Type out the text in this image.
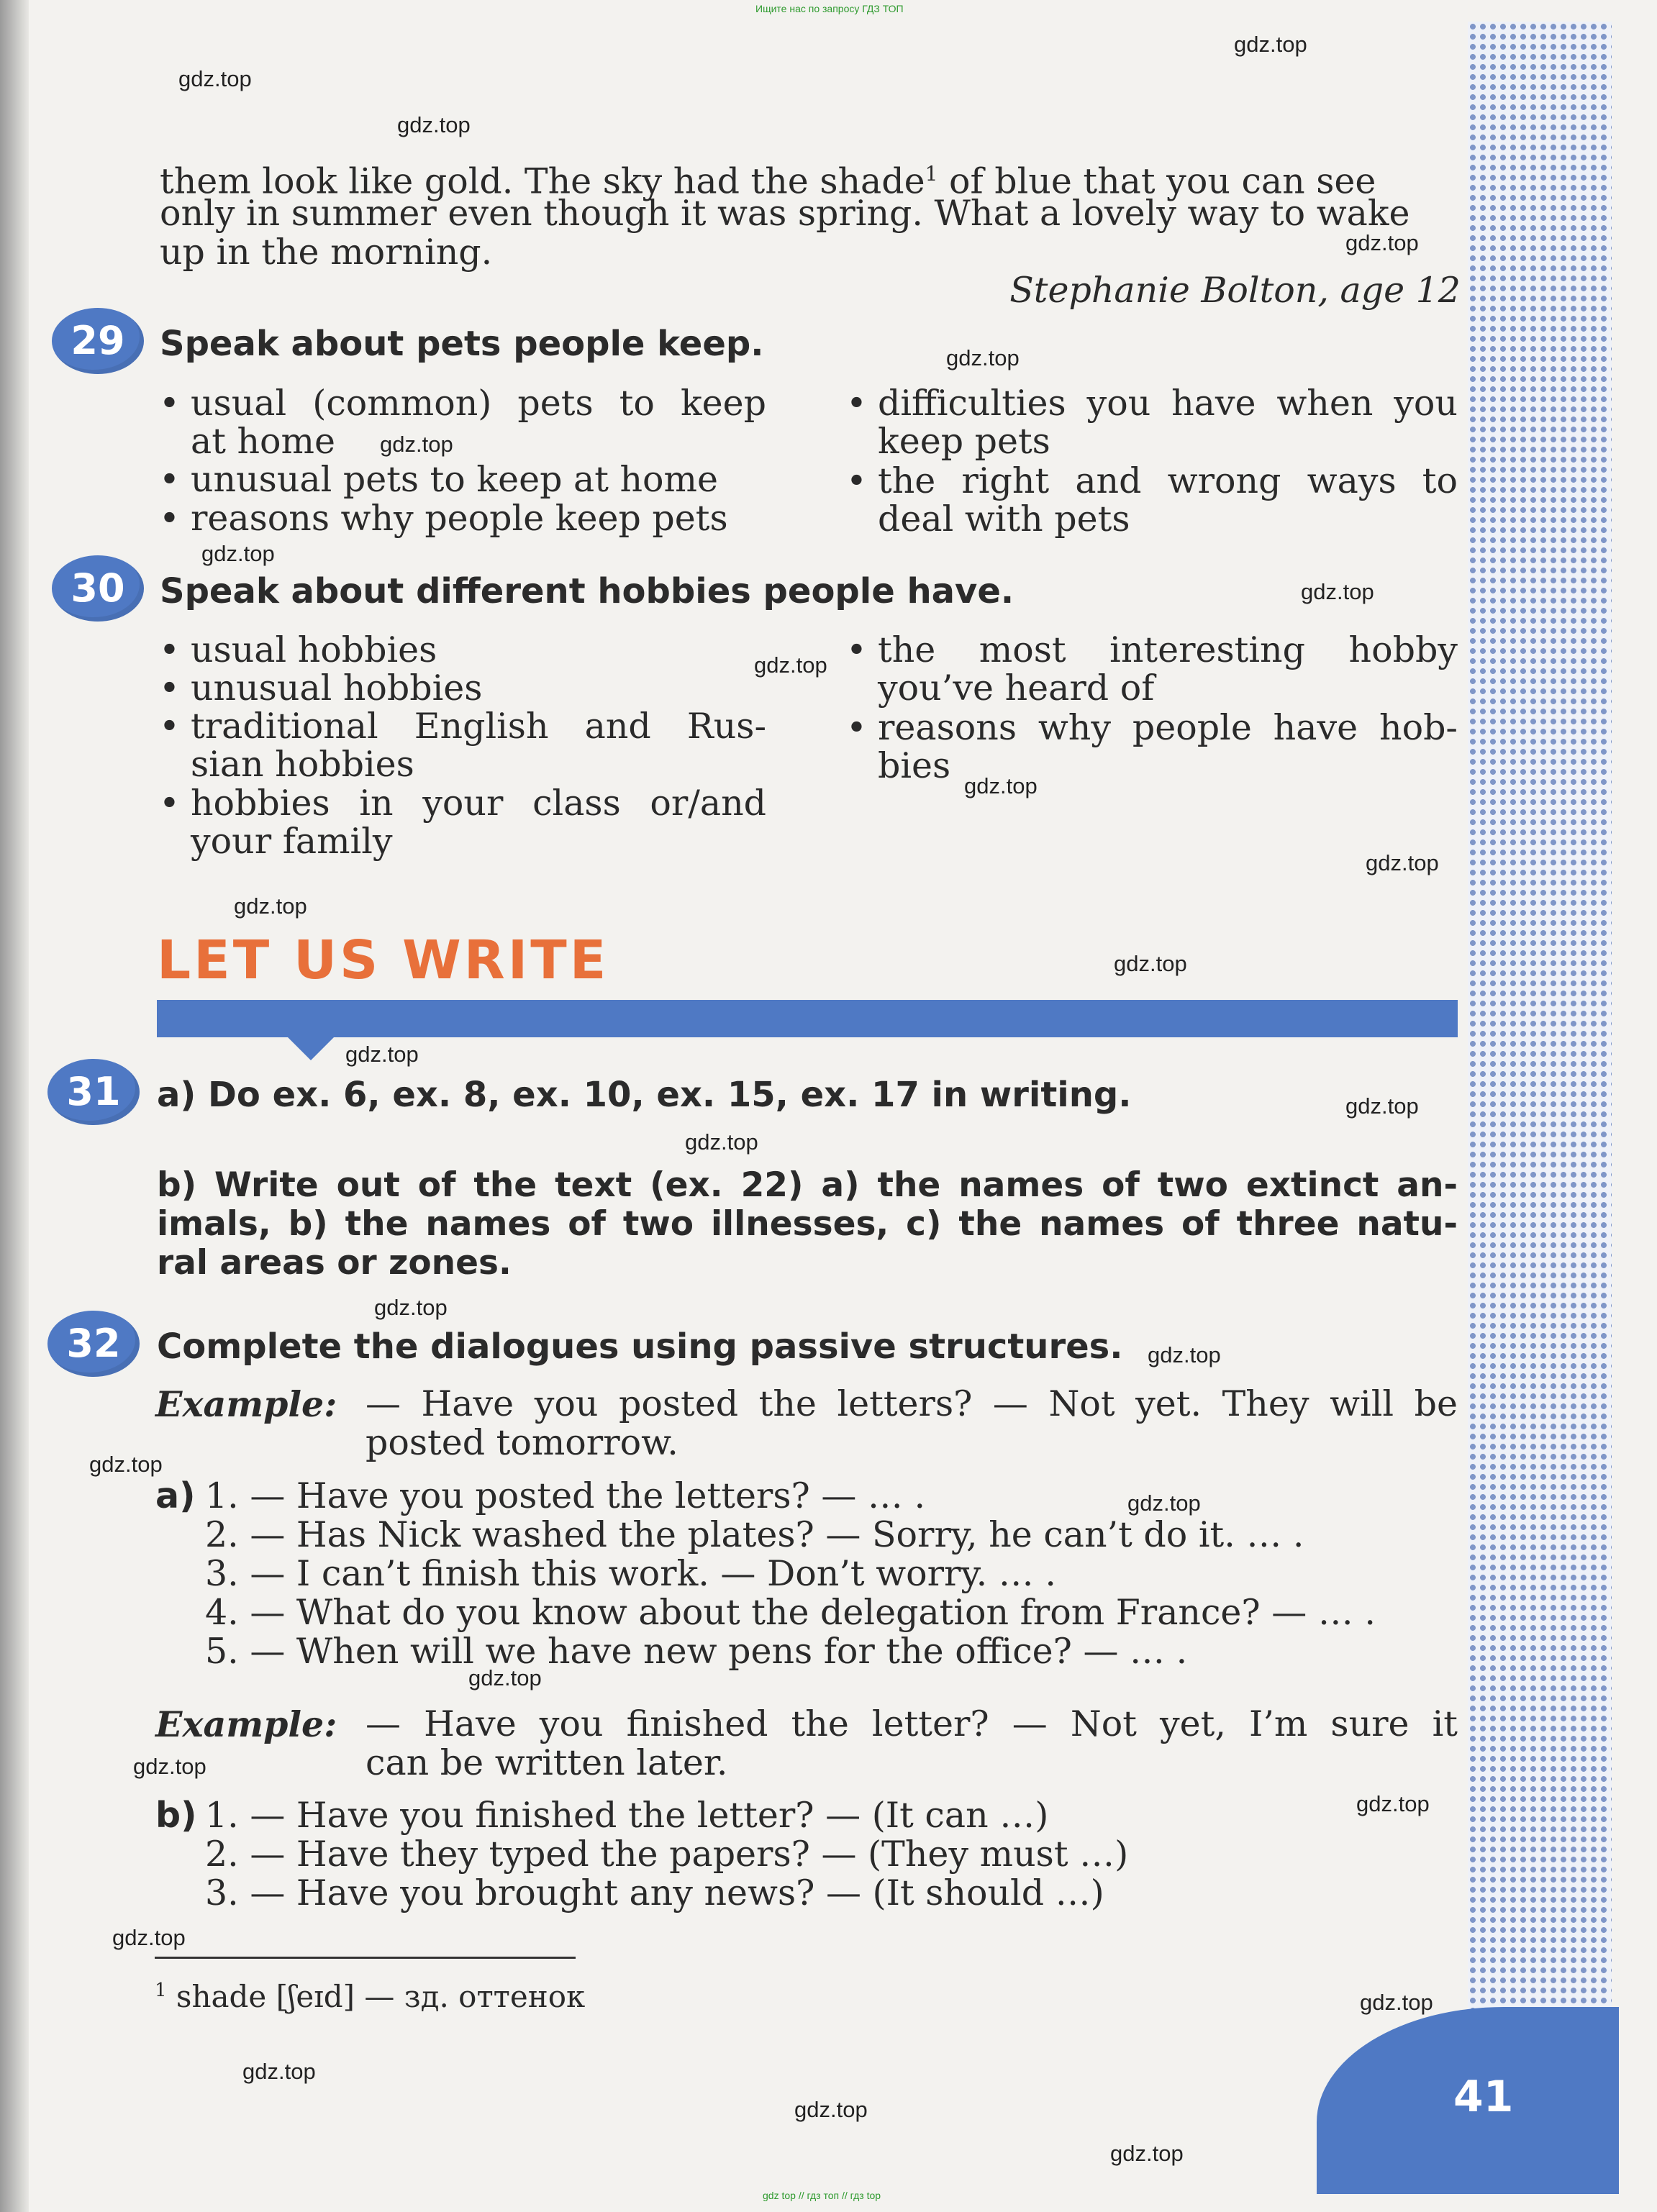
Ищите нас по запросу ГДЗ ТОП
them look like gold. The sky had the shade$^1$ of blue that you can see
only in summer even though it was spring. What a lovely way to wake
up in the morning.
Stephanie Bolton, age 12
29	Speak about pets people keep.
• usual (common) pets to keep
at home
• unusual pets to keep at home
• reasons why people keep pets
• difficulties you have when you
keep pets
• the right and wrong ways to
deal with pets
30	Speak about different hobbies people have.
• usual hobbies
• unusual hobbies
• traditional English and Rus-
sian hobbies
• hobbies in your class or/and
your family
• the most interesting hobby
you’ve heard of
• reasons why people have hob-
bies
LET US WRITE
31	a) Do ex. 6, ex. 8, ex. 10, ex. 15, ex. 17 in writing.
b) Write out of the text (ex. 22) a) the names of two extinct an-
imals, b) the names of two illnesses, c) the names of three natu-
ral areas or zones.
32	Complete the dialogues using passive structures.
Example: — Have you posted the letters? — Not yet. They will be
posted tomorrow.
a) 1. — Have you posted the letters? — … .
2. — Has Nick washed the plates? — Sorry, he can’t do it. … .
3. — I can’t finish this work. — Don’t worry. … .
4. — What do you know about the delegation from France? — … .
5. — When will we have new pens for the office? — … .
Example: — Have you finished the letter? — Not yet, I’m sure it
can be written later.
b) 1. — Have you finished the letter? — (It can …)
2. — Have they typed the papers? — (They must …)
3. — Have you brought any news? — (It should …)
$^1$ shade [ʃeɪd] — зд. оттенок
41
gdz top // гдз топ // гдз top
gdz.top
gdz.top
gdz.top
gdz.top
gdz.top
gdz.top
gdz.top
gdz.top
gdz.top
gdz.top
gdz.top
gdz.top
gdz.top
gdz.top
gdz.top
gdz.top
gdz.top
gdz.top
gdz.top
gdz.top
gdz.top
gdz.top
gdz.top
gdz.top
gdz.top
gdz.top
gdz.top
gdz.top
